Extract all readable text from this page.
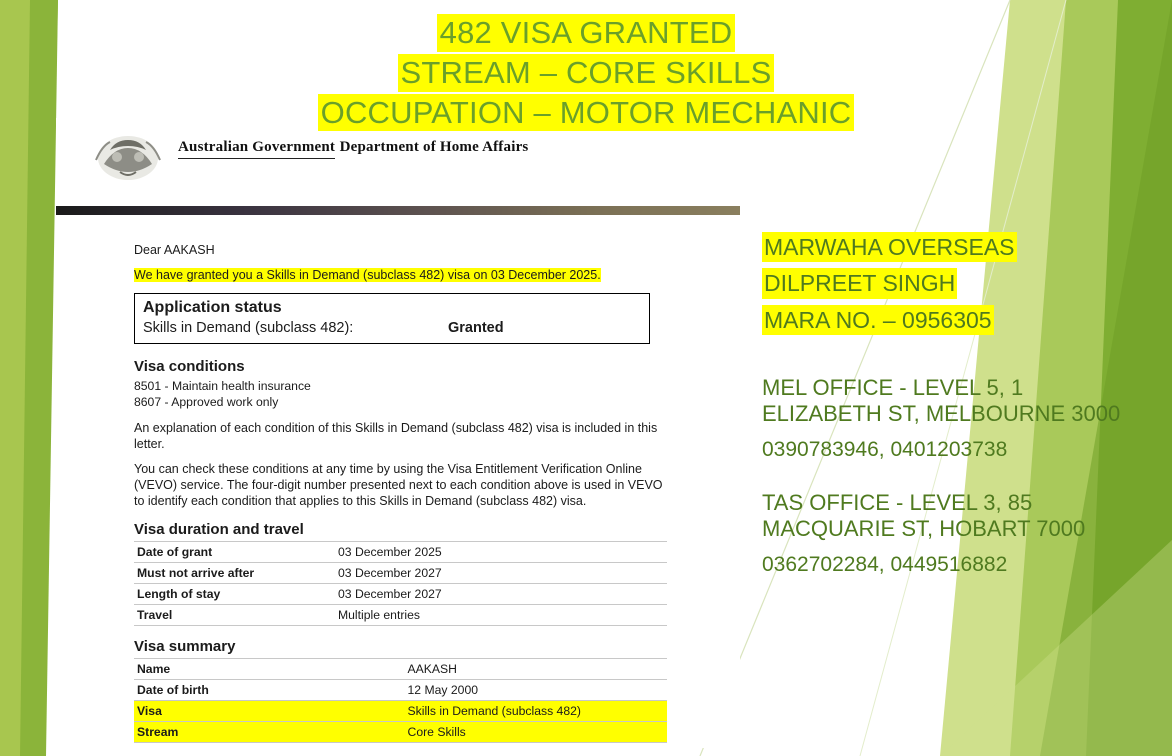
482 VISA GRANTED
STREAM – CORE SKILLS
OCCUPATION – MOTOR MECHANIC
Australian Government Department of Home Affairs

Dear AAKASH

We have granted you a Skills in Demand (subclass 482) visa on 03 December 2025.

Application status
Skills in Demand (subclass 482):	Granted
Visa conditions

8501 - Maintain health insurance

8607 - Approved work only

An explanation of each condition of this Skills in Demand (subclass 482) visa is included in this letter.

You can check these conditions at any time by using the Visa Entitlement Verification Online (VEVO) service. The four-digit number presented next to each condition above is used in VEVO to identify each condition that applies to this Skills in Demand (subclass 482) visa.

Visa duration and travel
Date of grant	03 December 2025
Must not arrive after	03 December 2027
Length of stay	03 December 2027
Travel	Multiple entries
Visa summary
Name	AAKASH
Date of birth	12 May 2000
Visa	Skills in Demand (subclass 482)
Stream	Core Skills
MARWAHA OVERSEAS
DILPREET SINGH
MARA NO. – 0956305

MEL OFFICE - LEVEL 5, 1 ELIZABETH ST, MELBOURNE 3000

0390783946, 0401203738

TAS OFFICE - LEVEL 3, 85 MACQUARIE ST, HOBART 7000

0362702284, 0449516882
